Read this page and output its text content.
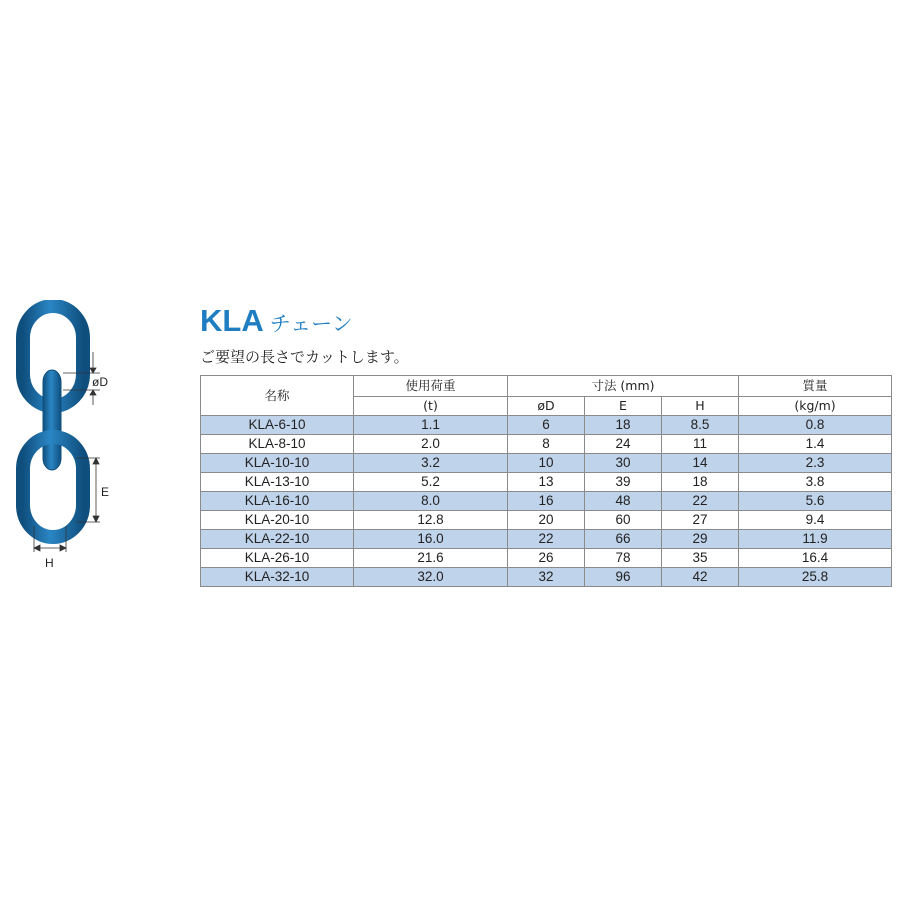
øD
E
H
KLA チェーン
ご要望の長さでカットします。
名称	使用荷重	寸法 (mm)			質量
	(t)	øD	E	H	(kg/m)
KLA-6-10	1.1	6	18	8.5	0.8
KLA-8-10	2.0	8	24	11	1.4
KLA-10-10	3.2	10	30	14	2.3
KLA-13-10	5.2	13	39	18	3.8
KLA-16-10	8.0	16	48	22	5.6
KLA-20-10	12.8	20	60	27	9.4
KLA-22-10	16.0	22	66	29	11.9
KLA-26-10	21.6	26	78	35	16.4
KLA-32-10	32.0	32	96	42	25.8
